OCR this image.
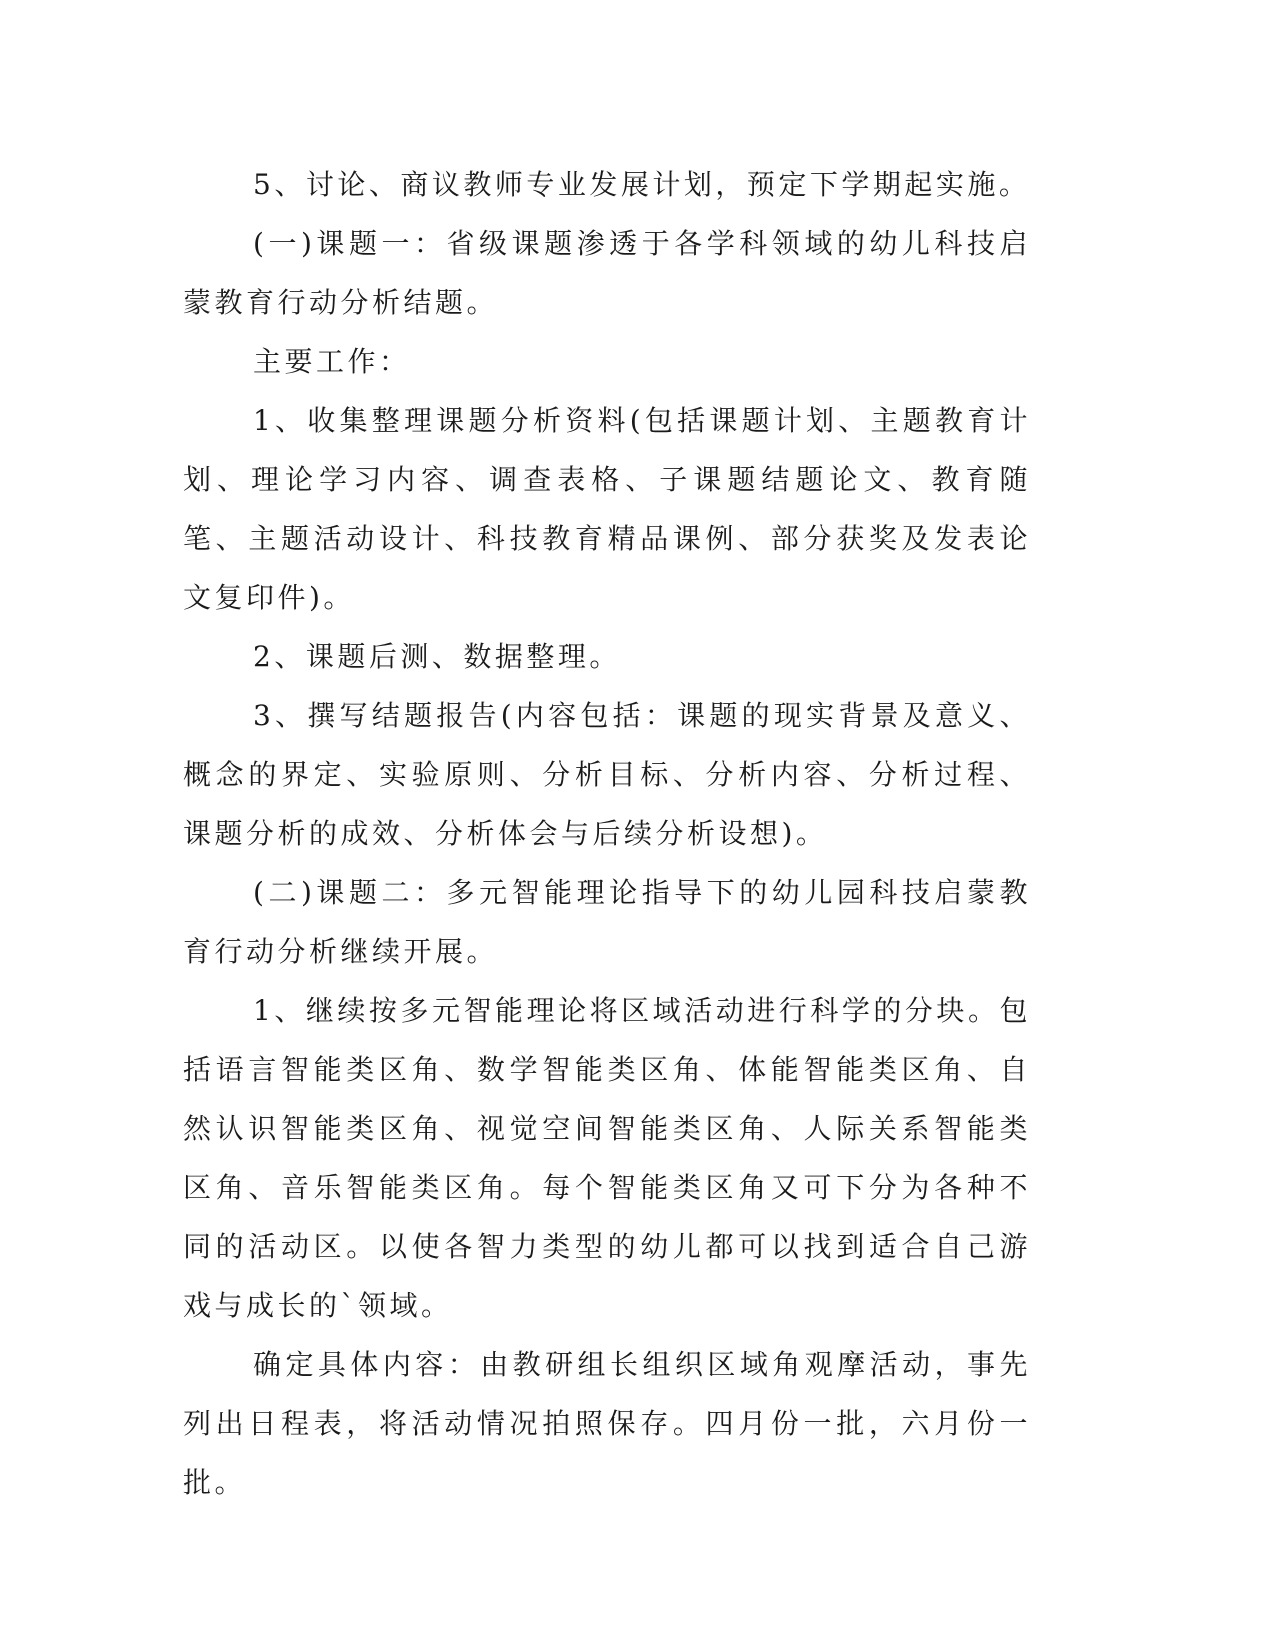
5、讨论、商议教师专业发展计划，预定下学期起实施。

(一)课题一：省级课题渗透于各学科领域的幼儿科技启蒙教育行动分析结题。

主要工作：

1、收集整理课题分析资料(包括课题计划、主题教育计划、理论学习内容、调查表格、子课题结题论文、教育随笔、主题活动设计、科技教育精品课例、部分获奖及发表论文复印件)。

2、课题后测、数据整理。

3、撰写结题报告(内容包括：课题的现实背景及意义、概念的界定、实验原则、分析目标、分析内容、分析过程、课题分析的成效、分析体会与后续分析设想)。

(二)课题二：多元智能理论指导下的幼儿园科技启蒙教育行动分析继续开展。

1、继续按多元智能理论将区域活动进行科学的分块。包括语言智能类区角、数学智能类区角、体能智能类区角、自然认识智能类区角、视觉空间智能类区角、人际关系智能类区角、音乐智能类区角。每个智能类区角又可下分为各种不同的活动区。以使各智力类型的幼儿都可以找到适合自己游戏与成长的`领域。

确定具体内容：由教研组长组织区域角观摩活动，事先列出日程表，将活动情况拍照保存。四月份一批，六月份一批。
